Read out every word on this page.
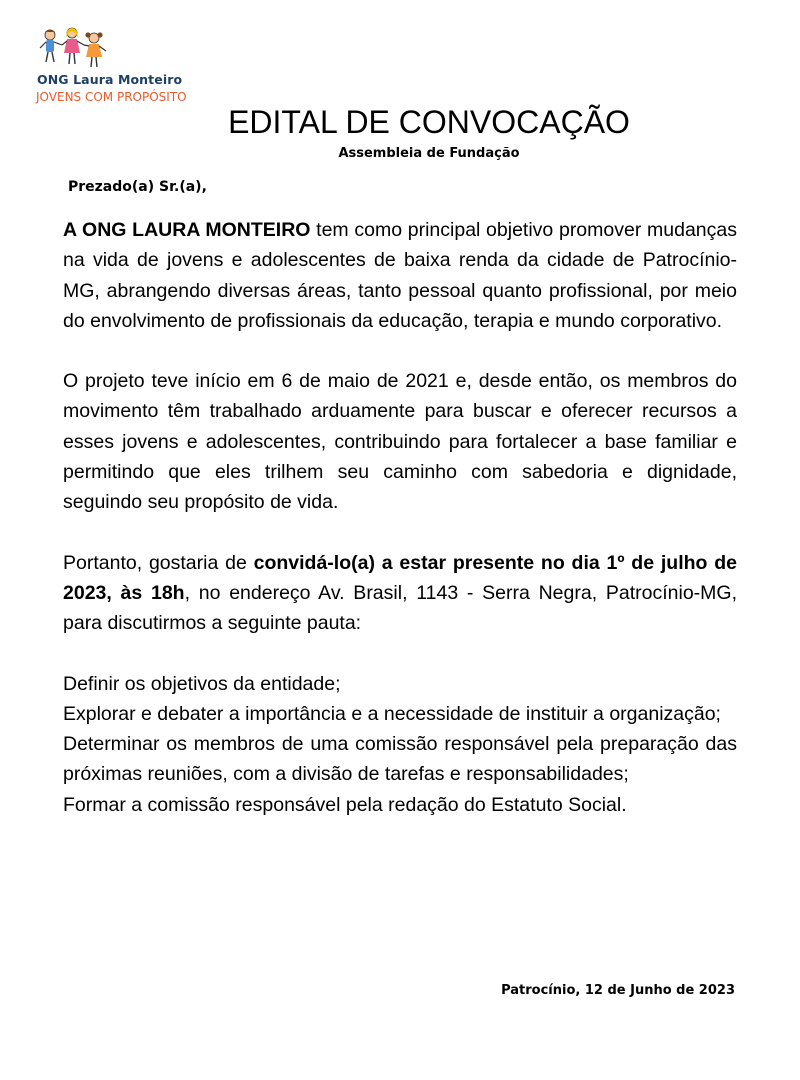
ONG Laura Monteiro
JOVENS COM PROPÓSITO
EDITAL DE CONVOCAÇÃO
Assembleia de Fundação
Prezado(a) Sr.(a),

A ONG LAURA MONTEIRO tem como principal objetivo promover mudanças na vida de jovens e adolescentes de baixa renda da cidade de Patrocínio-MG, abrangendo diversas áreas, tanto pessoal quanto profissional, por meio do envolvimento de profissionais da educação, terapia e mundo corporativo.

O projeto teve início em 6 de maio de 2021 e, desde então, os membros do movimento têm trabalhado arduamente para buscar e oferecer recursos a esses jovens e adolescentes, contribuindo para fortalecer a base familiar e permitindo que eles trilhem seu caminho com sabedoria e dignidade, seguindo seu propósito de vida.

Portanto, gostaria de convidá-lo(a) a estar presente no dia 1º de julho de 2023, às 18h, no endereço Av. Brasil, 1143 - Serra Negra, Patrocínio-MG, para discutirmos a seguinte pauta:

Definir os objetivos da entidade;
Explorar e debater a importância e a necessidade de instituir a organização;
Determinar os membros de uma comissão responsável pela preparação das próximas reuniões, com a divisão de tarefas e responsabilidades;
Formar a comissão responsável pela redação do Estatuto Social.
Patrocínio, 12 de Junho de 2023
